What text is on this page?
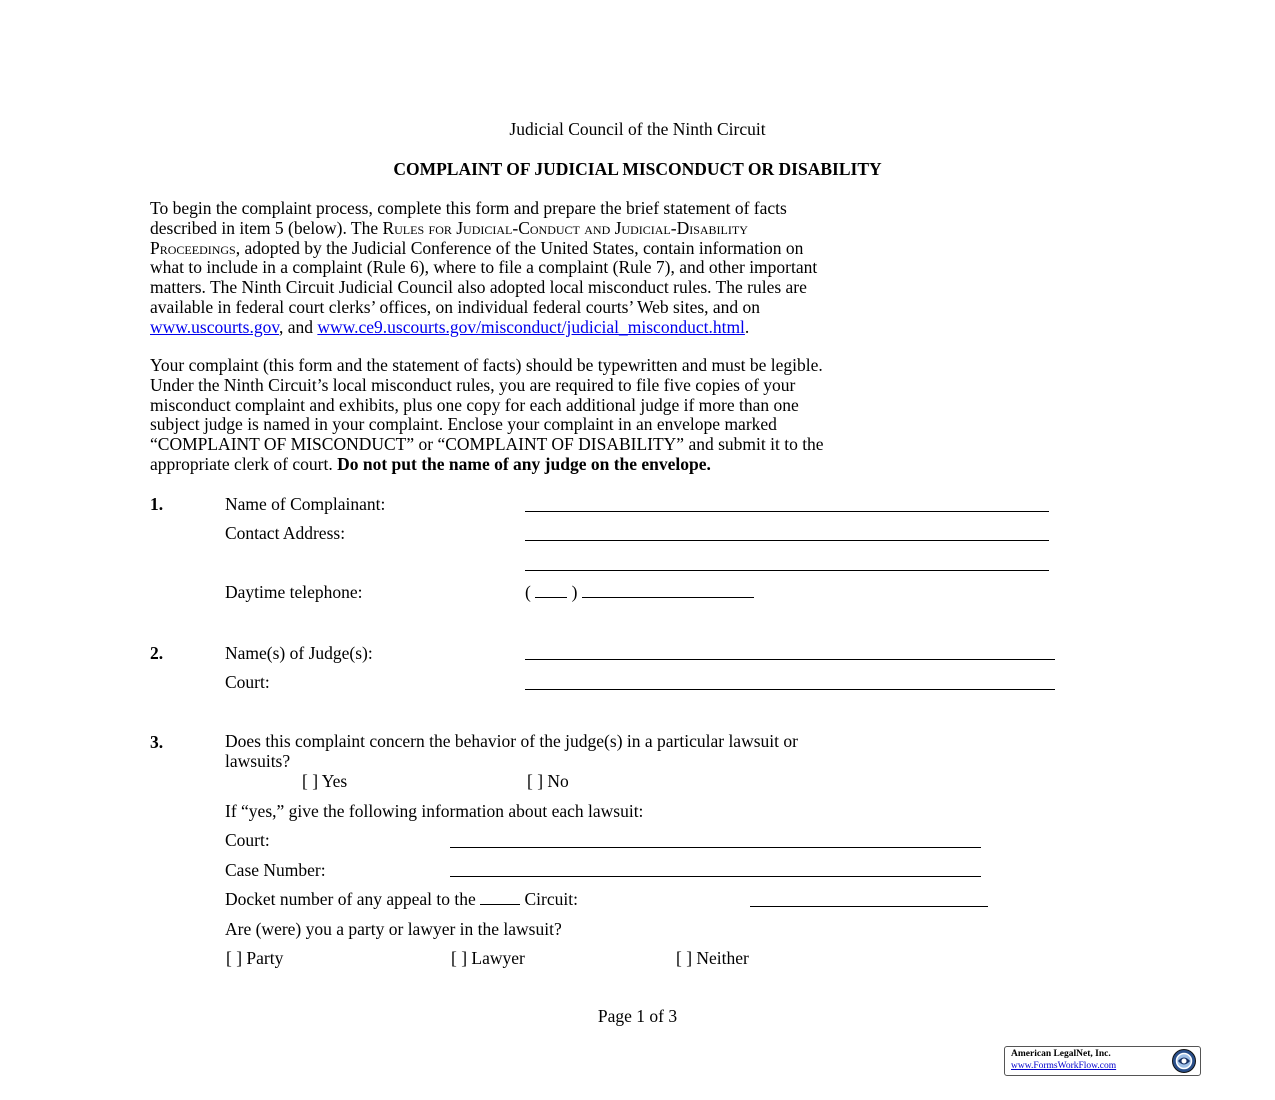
Judicial Council of the Ninth Circuit
COMPLAINT OF JUDICIAL MISCONDUCT OR DISABILITY
To begin the complaint process, complete this form and prepare the brief statement of facts
described in item 5 (below). The Rules for Judicial-Conduct and Judicial-Disability
Proceedings, adopted by the Judicial Conference of the United States, contain information on
what to include in a complaint (Rule 6), where to file a complaint (Rule 7), and other important
matters. The Ninth Circuit Judicial Council also adopted local misconduct rules. The rules are
available in federal court clerks’ offices, on individual federal courts’ Web sites, and on
www.uscourts.gov, and www.ce9.uscourts.gov/misconduct/judicial_misconduct.html.
Your complaint (this form and the statement of facts) should be typewritten and must be legible.
Under the Ninth Circuit’s local misconduct rules, you are required to file five copies of your
misconduct complaint and exhibits, plus one copy for each additional judge if more than one
subject judge is named in your complaint. Enclose your complaint in an envelope marked
“COMPLAINT OF MISCONDUCT” or “COMPLAINT OF DISABILITY” and submit it to the
appropriate clerk of court. Do not put the name of any judge on the envelope.
1.	Name of Complainant:
Contact Address:
Daytime telephone:	( )
2.	Name(s) of Judge(s):
Court:
3.	Does this complaint concern the behavior of the judge(s) in a particular lawsuit or
lawsuits?
[ ] Yes	[ ] No
If “yes,” give the following information about each lawsuit:
Court:
Case Number:
Docket number of any appeal to the  Circuit:
Are (were) you a party or lawyer in the lawsuit?
[ ] Party	[ ] Lawyer	[ ] Neither
Page 1 of 3
American LegalNet, Inc.
www.FormsWorkFlow.com
